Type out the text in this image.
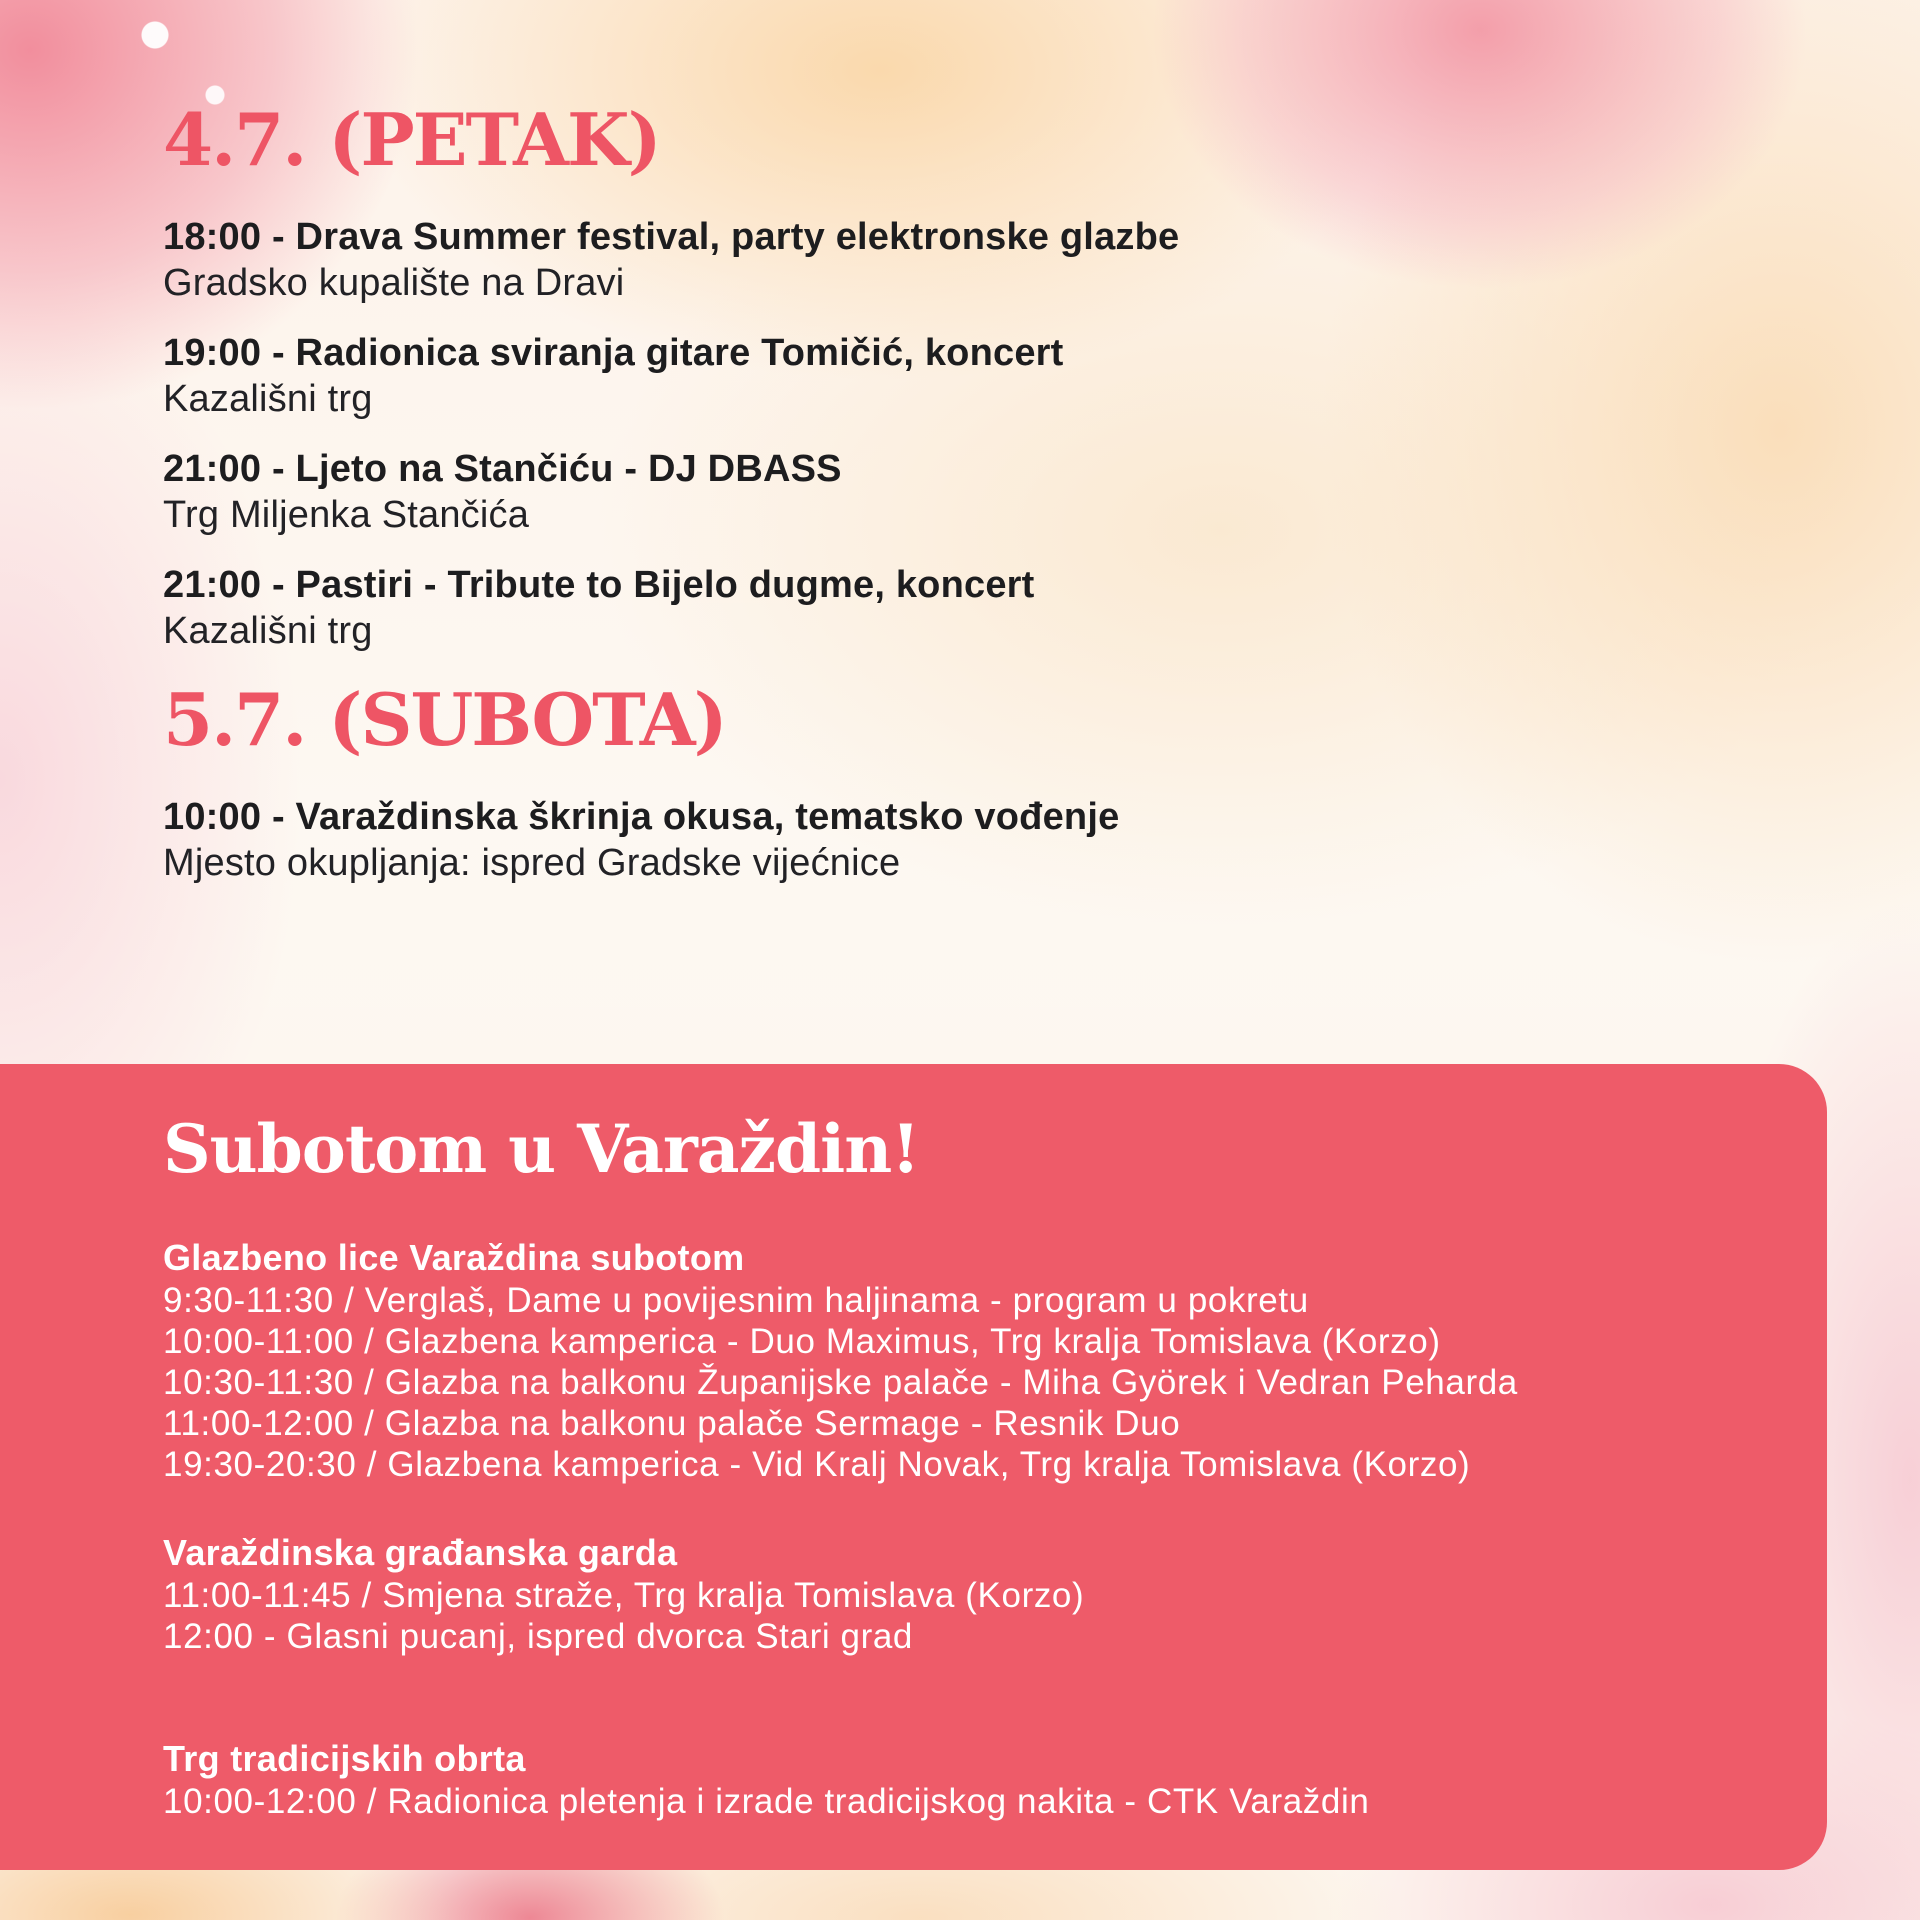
4.7. (PETAK)
18:00 - Drava Summer festival, party elektronske glazbe
Gradsko kupalište na Dravi
19:00 - Radionica sviranja gitare Tomičić, koncert
Kazališni trg
21:00 - Ljeto na Stančiću - DJ DBASS
Trg Miljenka Stančića
21:00 - Pastiri - Tribute to Bijelo dugme, koncert
Kazališni trg
5.7. (SUBOTA)
10:00 - Varaždinska škrinja okusa, tematsko vođenje
Mjesto okupljanja: ispred Gradske vijećnice
Subotom u Varaždin!
Glazbeno lice Varaždina subotom
9:30-11:30 / Verglaš, Dame u povijesnim haljinama - program u pokretu
10:00-11:00 / Glazbena kamperica - Duo Maximus, Trg kralja Tomislava (Korzo)
10:30-11:30 / Glazba na balkonu Županijske palače - Miha Györek i Vedran Peharda
11:00-12:00 / Glazba na balkonu palače Sermage - Resnik Duo
19:30-20:30 / Glazbena kamperica - Vid Kralj Novak, Trg kralja Tomislava (Korzo)
Varaždinska građanska garda
11:00-11:45 / Smjena straže, Trg kralja Tomislava (Korzo)
12:00 - Glasni pucanj, ispred dvorca Stari grad
Trg tradicijskih obrta
10:00-12:00 / Radionica pletenja i izrade tradicijskog nakita - CTK Varaždin
